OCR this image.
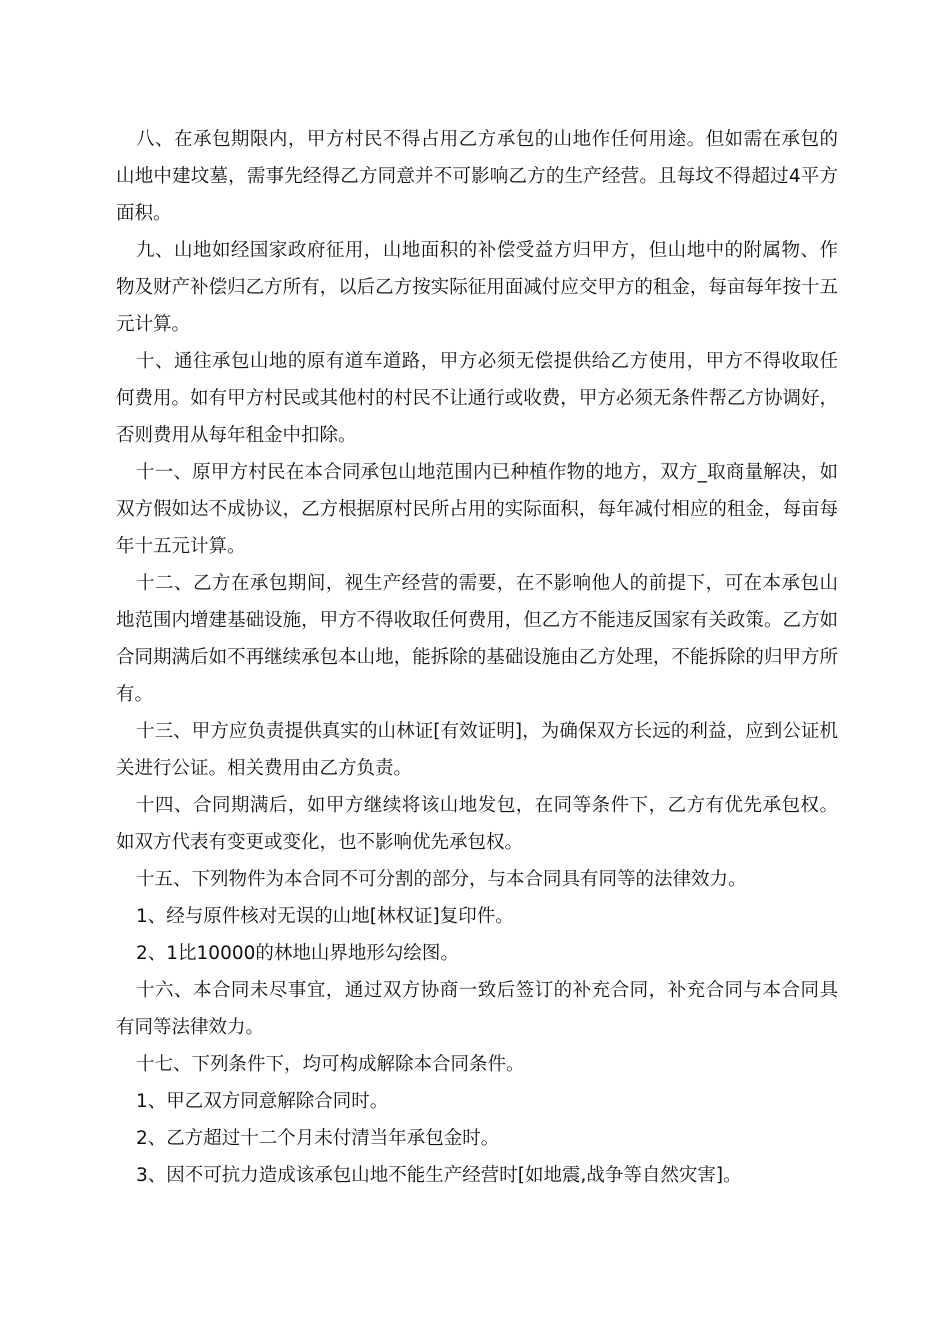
八、在承包期限内，甲方村民不得占用乙方承包的山地作任何用途。但如需在承包的山地中建坟墓，需事先经得乙方同意并不可影响乙方的生产经营。且每坟不得超过4平方面积。

九、山地如经国家政府征用，山地面积的补偿受益方归甲方，但山地中的附属物、作物及财产补偿归乙方所有，以后乙方按实际征用面减付应交甲方的租金，每亩每年按十五元计算。

十、通往承包山地的原有道车道路，甲方必须无偿提供给乙方使用，甲方不得收取任何费用。如有甲方村民或其他村的村民不让通行或收费，甲方必须无条件帮乙方协调好，否则费用从每年租金中扣除。

十一、原甲方村民在本合同承包山地范围内已种植作物的地方，双方_取商量解决，如双方假如达不成协议，乙方根据原村民所占用的实际面积，每年减付相应的租金，每亩每年十五元计算。

十二、乙方在承包期间，视生产经营的需要，在不影响他人的前提下，可在本承包山地范围内增建基础设施，甲方不得收取任何费用，但乙方不能违反国家有关政策。乙方如合同期满后如不再继续承包本山地，能拆除的基础设施由乙方处理，不能拆除的归甲方所有。

十三、甲方应负责提供真实的山林证[有效证明]，为确保双方长远的利益，应到公证机关进行公证。相关费用由乙方负责。

十四、合同期满后，如甲方继续将该山地发包，在同等条件下，乙方有优先承包权。如双方代表有变更或变化，也不影响优先承包权。

十五、下列物件为本合同不可分割的部分，与本合同具有同等的法律效力。

1、经与原件核对无误的山地[林权证]复印件。

2、1比10000的林地山界地形勾绘图。

十六、本合同未尽事宜，通过双方协商一致后签订的补充合同，补充合同与本合同具有同等法律效力。

十七、下列条件下，均可构成解除本合同条件。

1、甲乙双方同意解除合同时。

2、乙方超过十二个月未付清当年承包金时。

3、因不可抗力造成该承包山地不能生产经营时[如地震,战争等自然灾害]。
